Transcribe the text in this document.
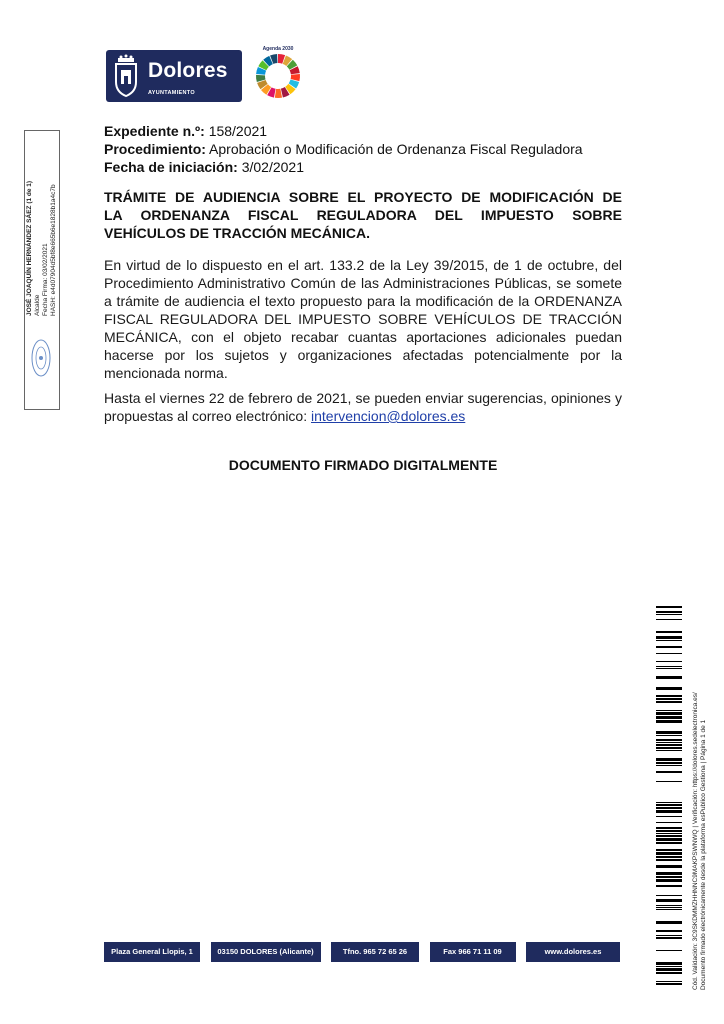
Dolores
AYUNTAMIENTO
Agenda 2030
JOSÉ JOAQUÍN HERNÁNDEZ SÁEZ (1 de 1) Alcalde Fecha Firma: 03/02/2021 HASH: e4d07904d5bf8e665b6e1828b1a4c7b
Expediente n.º: 158/2021
Procedimiento: Aprobación o Modificación de Ordenanza Fiscal Reguladora
Fecha de iniciación: 3/02/2021
TRÁMITE DE AUDIENCIA SOBRE EL PROYECTO DE MODIFICACIÓN DE
LA ORDENANZA FISCAL REGULADORA DEL IMPUESTO SOBRE
VEHÍCULOS DE TRACCIÓN MECÁNICA.
En virtud de lo dispuesto en el art. 133.2 de la Ley 39/2015, de 1 de octubre, del Procedimiento Administrativo Común de las Administraciones Públicas, se somete a trámite de audiencia el texto propuesto para la modificación de la ORDENANZA FISCAL REGULADORA DEL IMPUESTO SOBRE VEHÍCULOS DE TRACCIÓN MECÁNICA, con el objeto recabar cuantas aportaciones adicionales puedan hacerse por los sujetos y organizaciones afectadas potencialmente por la mencionada norma.
Hasta el viernes 22 de febrero de 2021, se pueden enviar sugerencias, opiniones y propuestas al correo electrónico: intervencion@dolores.es
DOCUMENTO FIRMADO DIGITALMENTE
Cód. Validación: 3C9SKDMMZHHNNC9MAKPSWNWQ | Verificación: https://dolores.sedelectronica.es/ Documento firmado electrónicamente desde la plataforma esPublico Gestiona | Página 1 de 1
Plaza General Llopis, 1	03150 DOLORES (Alicante)	Tfno. 965 72 65 26	Fax 966 71 11 09	www.dolores.es
